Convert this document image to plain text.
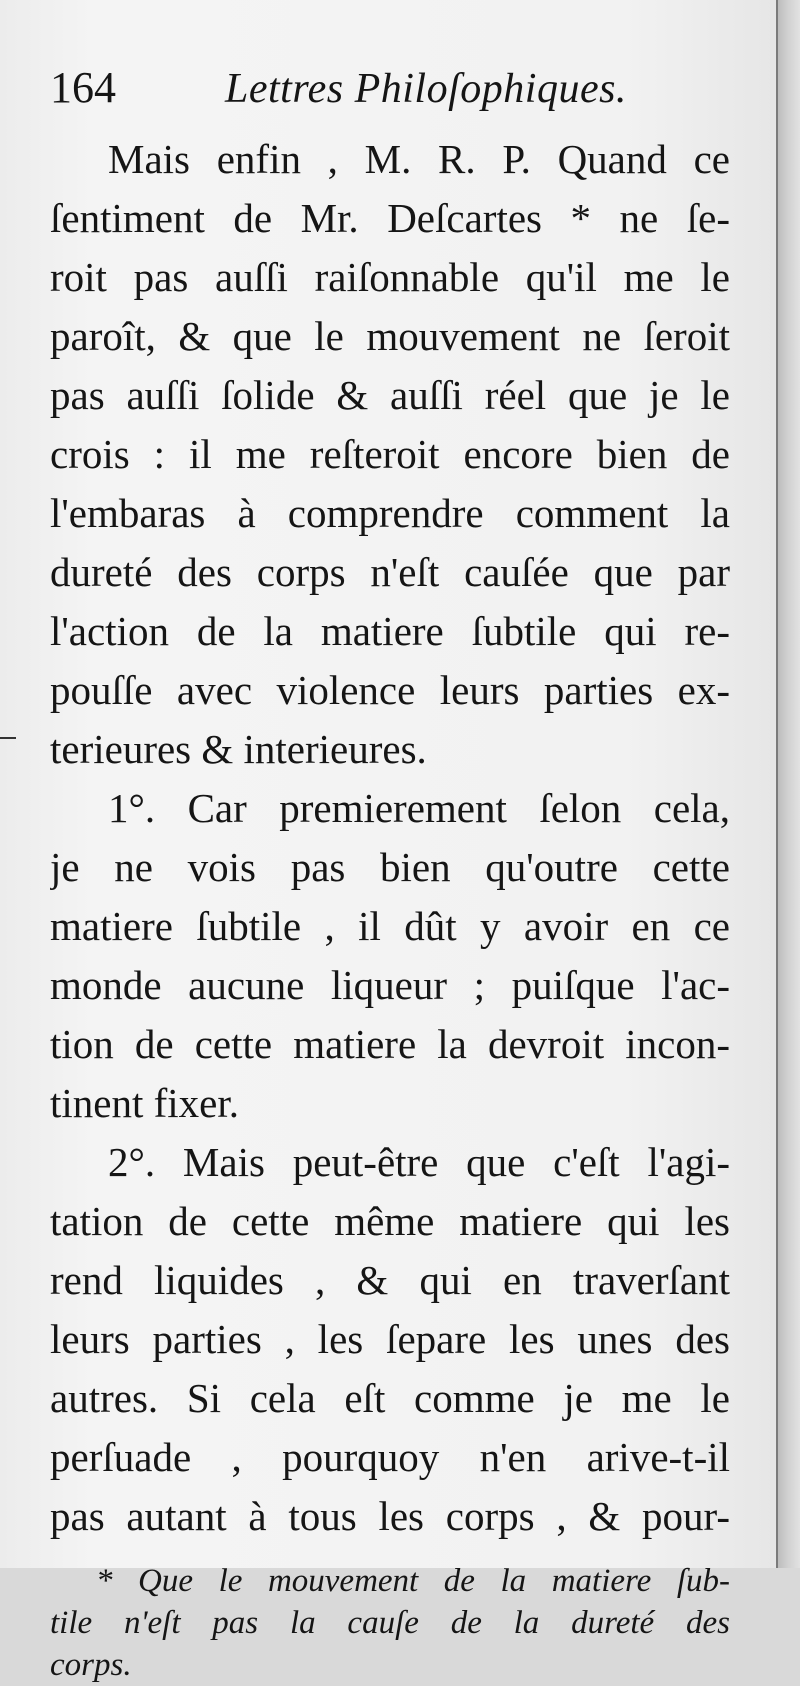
164	Lettres Philoſophiques.
Mais enfin , M. R. P. Quand ce
ſentiment de Mr. Deſcartes * ne ſe-
roit pas auſſi raiſonnable qu'il me le
paroît, & que le mouvement ne ſeroit
pas auſſi ſolide & auſſi réel que je le
crois : il me reſteroit encore bien de
l'embaras à comprendre comment la
dureté des corps n'eſt cauſée que par
l'action de la matiere ſubtile qui re-
pouſſe avec violence leurs parties ex-
terieures & interieures.
1°. Car premierement ſelon cela,
je ne vois pas bien qu'outre cette
matiere ſubtile , il dût y avoir en ce
monde aucune liqueur ; puiſque l'ac-
tion de cette matiere la devroit incon-
tinent fixer.
2°. Mais peut-être que c'eſt l'agi-
tation de cette même matiere qui les
rend liquides , & qui en traverſant
leurs parties , les ſepare les unes des
autres. Si cela eſt comme je me le
perſuade , pourquoy n'en arive-t-il
pas autant à tous les corps , & pour-
* Que le mouvement de la matiere ſub-
tile n'eſt pas la cauſe de la dureté des
corps.
